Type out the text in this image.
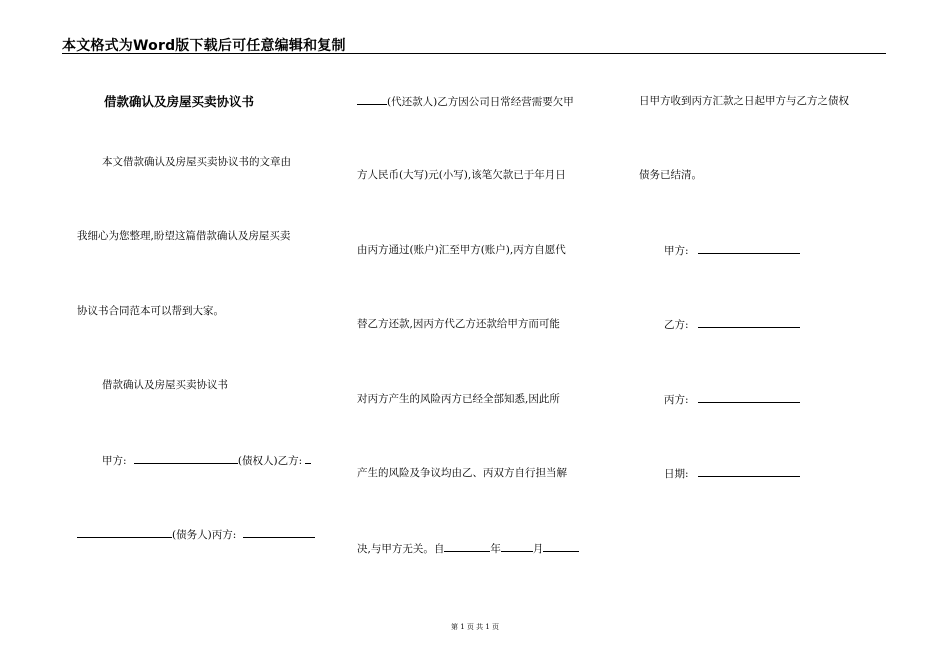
本文格式为Word版下载后可任意编辑和复制
借款确认及房屋买卖协议书
本文借款确认及房屋买卖协议书的文章由
我细心为您整理,盼望这篇借款确认及房屋买卖
协议书合同范本可以帮到大家。
借款确认及房屋买卖协议书
甲方:	(债权人)乙方:
(债务人)丙方:
(代还款人)乙方因公司日常经营需要欠甲
方人民币(大写)元(小写),该笔欠款已于年月日
由丙方通过(账户)汇至甲方(账户),丙方自愿代
替乙方还款,因丙方代乙方还款给甲方而可能
对丙方产生的风险丙方已经全部知悉,因此所
产生的风险及争议均由乙、丙双方自行担当解
决,与甲方无关。自	年	月
日甲方收到丙方汇款之日起甲方与乙方之债权
债务已结清。
甲方:
乙方:
丙方:
日期:
第 1 页 共 1 页
